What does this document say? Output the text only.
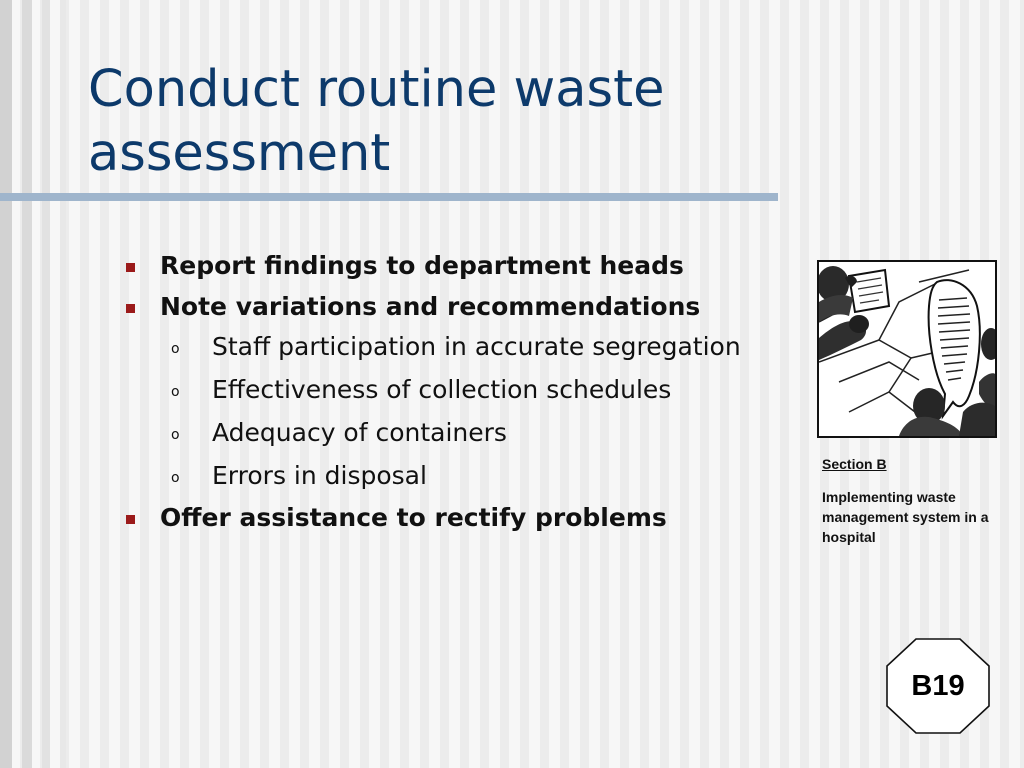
Conduct routine waste assessment
Report findings to department heads
Note variations and recommendations
o Staff participation in accurate segregation
o Effectiveness of collection schedules
o Adequacy of containers
o Errors in disposal
Offer assistance to rectify problems

Section B

Implementing waste management system in a hospital

B19
